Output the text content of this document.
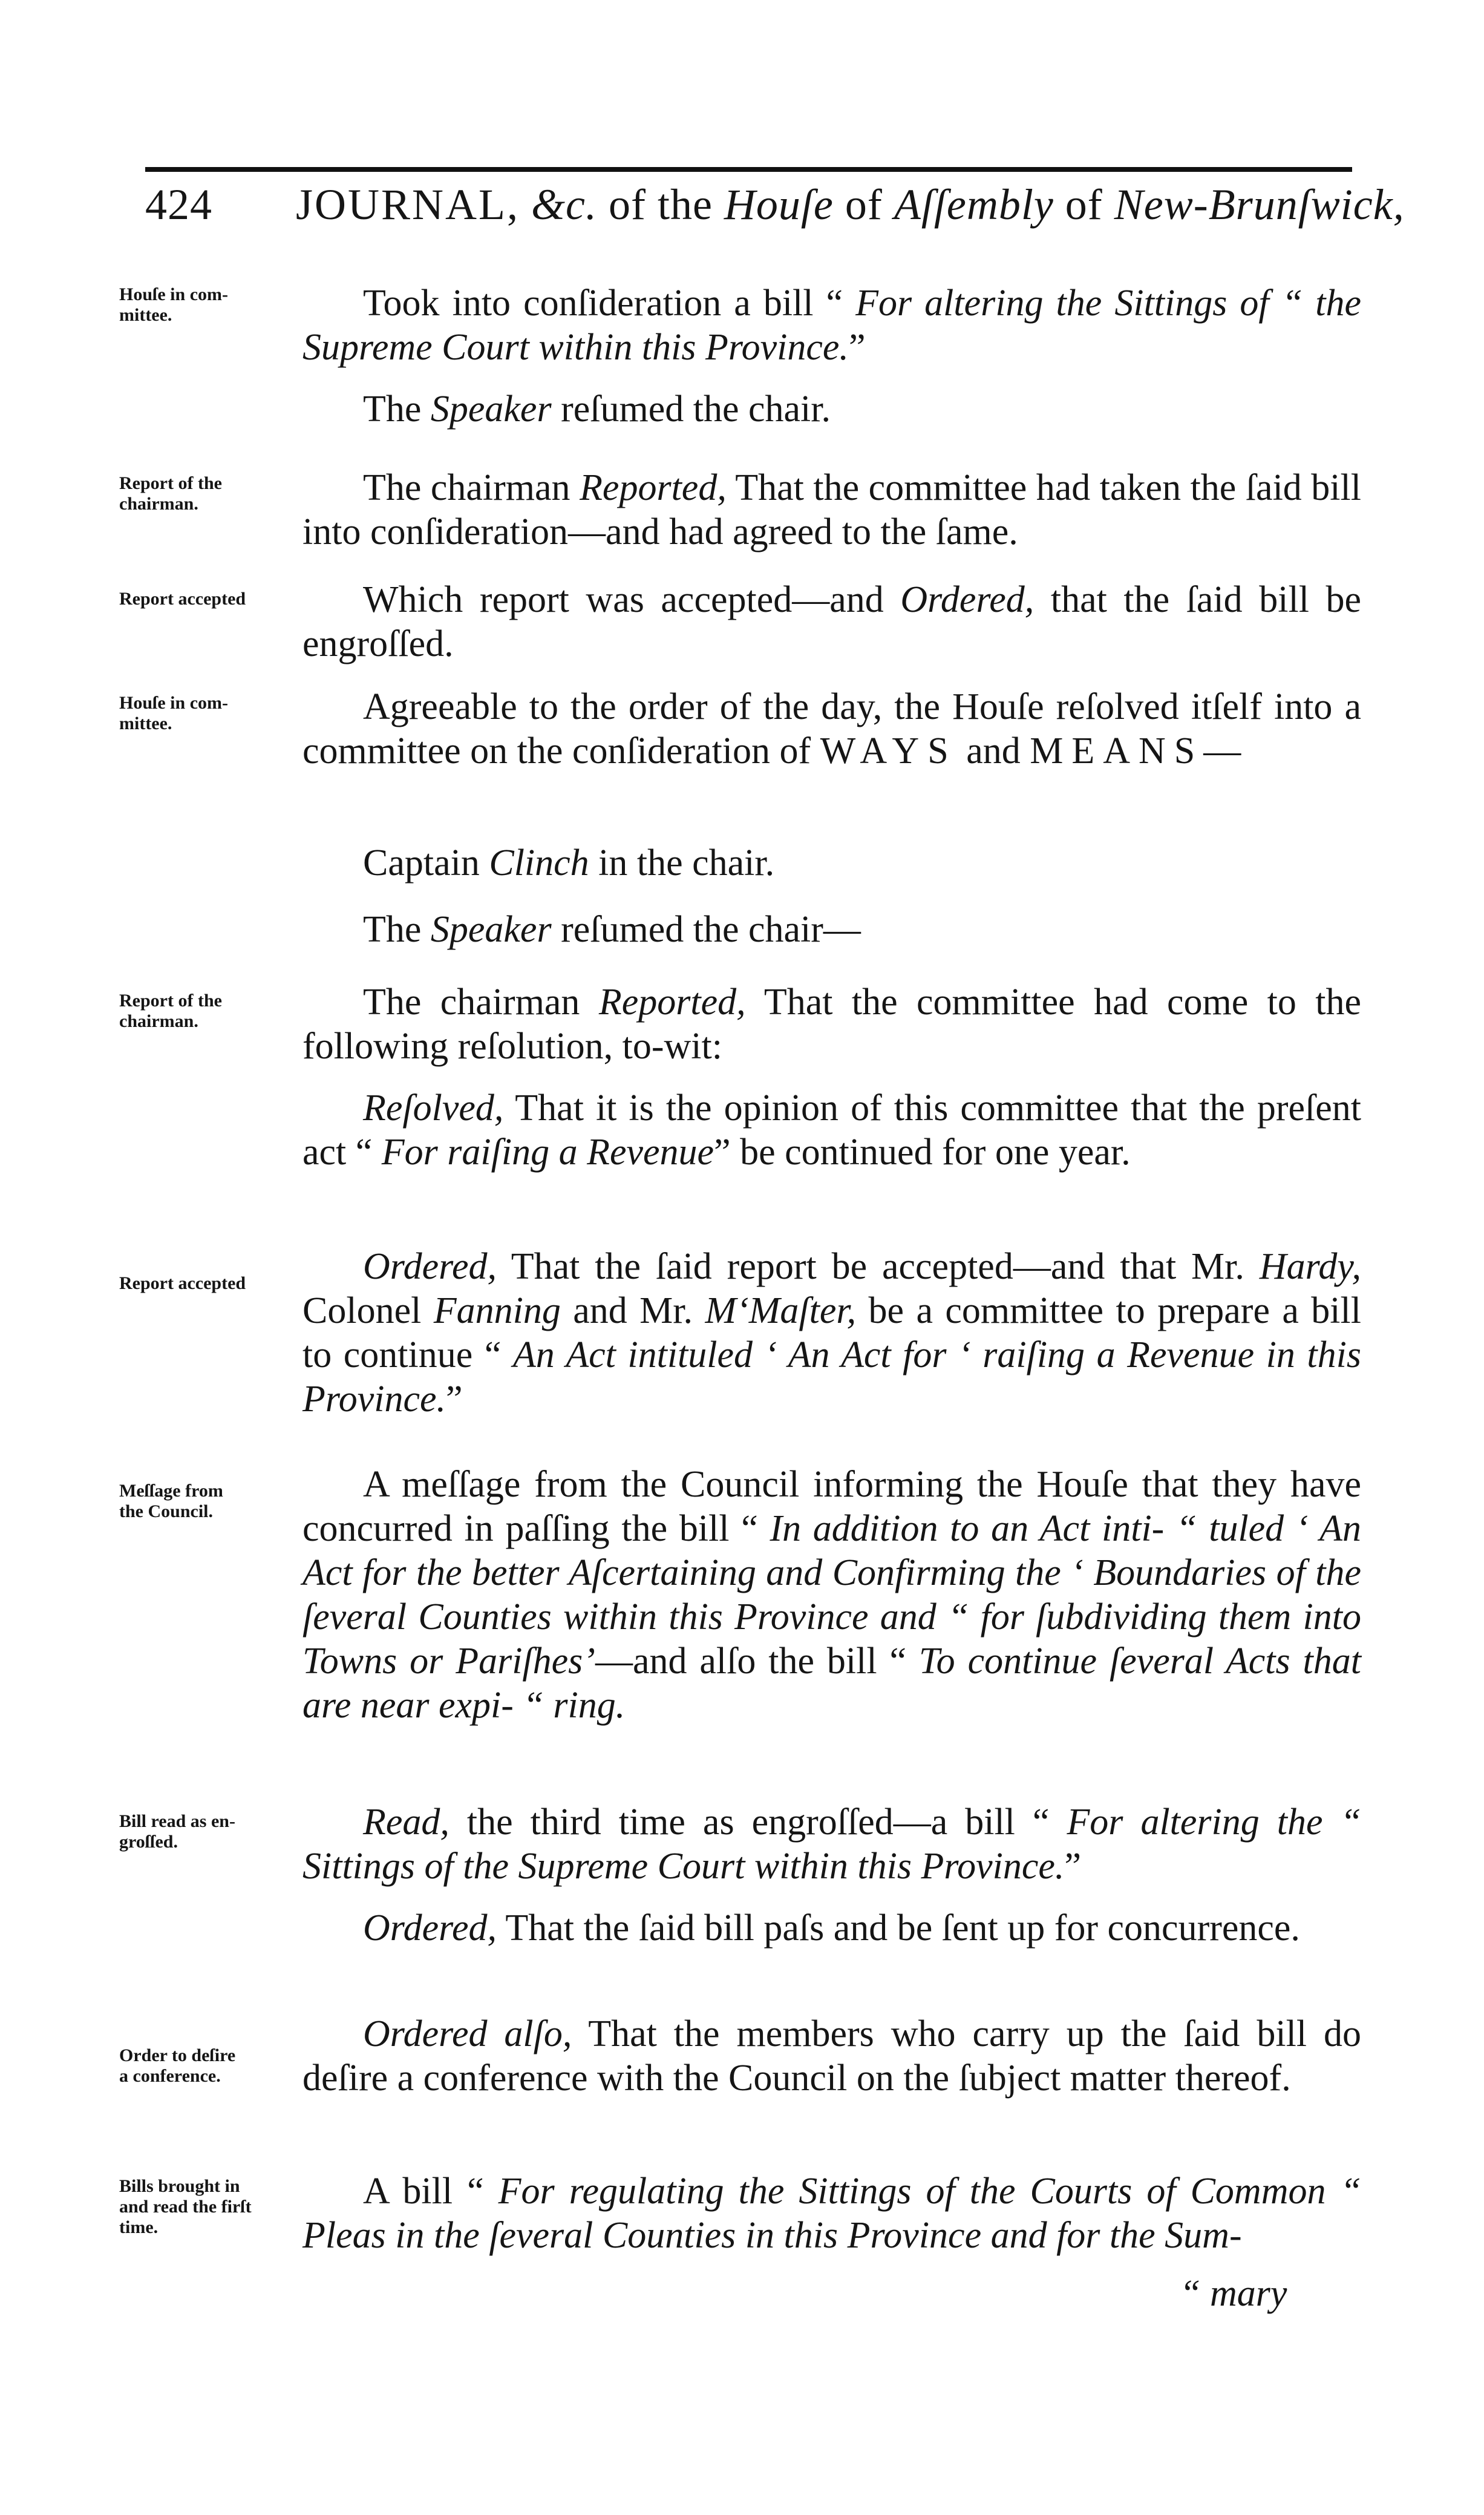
424 JOURNAL, &c. of the Houſe of Aſſembly of New-Brunſwick,
Houſe in com-
mittee.
Report of the
chairman.
Report accepted
Houſe in com-
mittee.
Report of the
chairman.
Report accepted
Meſſage from
the Council.
Bill read as en-
groſſed.
Order to deſire
a conference.
Bills brought in
and read the firſt
time.
Took into conſideration a bill “ For altering the Sittings of “ the Supreme Court within this Province.”
The Speaker reſumed the chair.
The chairman Reported, That the committee had taken the ſaid bill into conſideration—and had agreed to the ſame.
Which report was accepted—and Ordered, that the ſaid bill be engroſſed.
Agreeable to the order of the day, the Houſe reſolved itſelf into a committee on the conſideration of WAYS and MEANS—
Captain Clinch in the chair.
The Speaker reſumed the chair—
The chairman Reported, That the committee had come to the following reſolution, to-wit:
Reſolved, That it is the opinion of this committee that the preſent act “ For raiſing a Revenue” be continued for one year.
Ordered, That the ſaid report be accepted—and that Mr. Hardy, Colonel Fanning and Mr. M‘Maſter, be a committee to prepare a bill to continue “ An Act intituled ‘ An Act for ‘ raiſing a Revenue in this Province.”
A meſſage from the Council informing the Houſe that they have concurred in paſſing the bill “ In addition to an Act inti- “ tuled ‘ An Act for the better Aſcertaining and Confirming the ‘ Boundaries of the ſeveral Counties within this Province and “ for ſubdividing them into Towns or Pariſhes’—and alſo the bill “ To continue ſeveral Acts that are near expi- “ ring.
Read, the third time as engroſſed—a bill “ For altering the “ Sittings of the Supreme Court within this Province.”
Ordered, That the ſaid bill paſs and be ſent up for concurrence.
Ordered alſo, That the members who carry up the ſaid bill do deſire a conference with the Council on the ſubject matter thereof.
A bill “ For regulating the Sittings of the Courts of Common “ Pleas in the ſeveral Counties in this Province and for the Sum-
“ mary
